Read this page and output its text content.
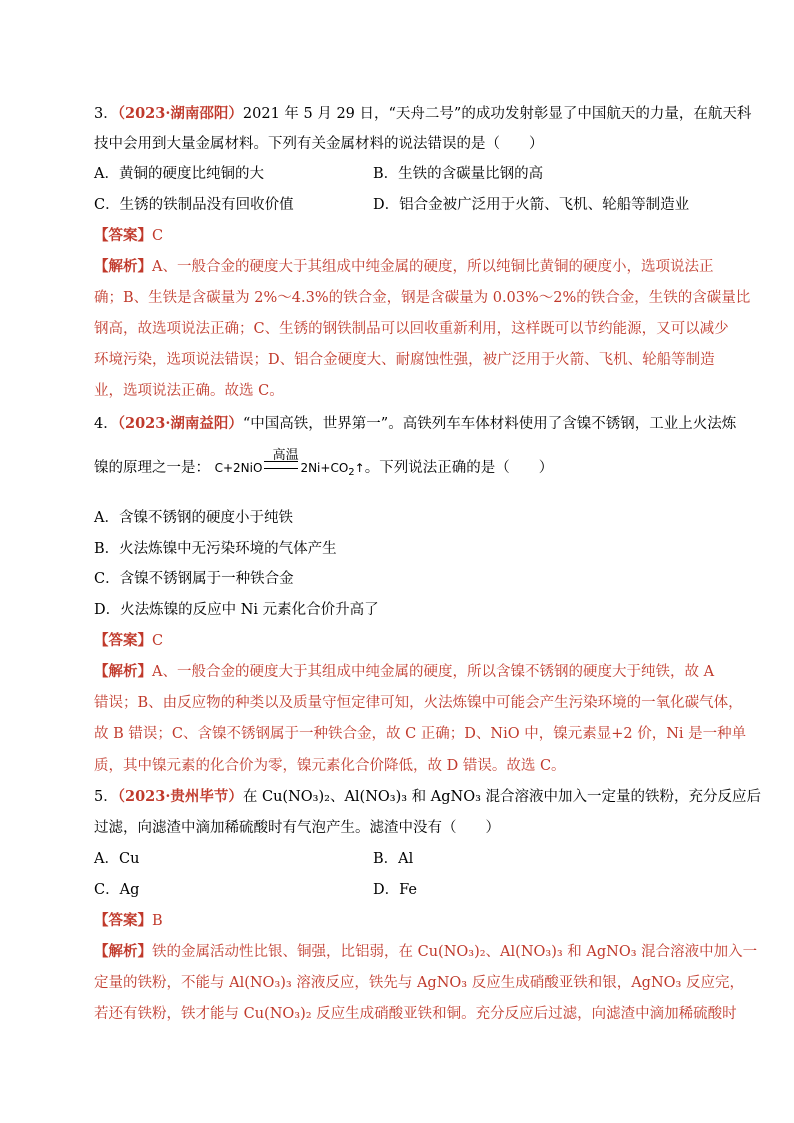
3．（2023·湖南邵阳）2021 年 5 月 29 日，“天舟二号”的成功发射彰显了中国航天的力量，在航天科
技中会用到大量金属材料。下列有关金属材料的说法错误的是（　　）
A．黄铜的硬度比纯铜的大	B．生铁的含碳量比钢的高
C．生锈的铁制品没有回收价值	D．铝合金被广泛用于火箭、飞机、轮船等制造业
【答案】C
【解析】A、一般合金的硬度大于其组成中纯金属的硬度，所以纯铜比黄铜的硬度小，选项说法正
确；B、生铁是含碳量为 2%～4.3%的铁合金，钢是含碳量为 0.03%～2%的铁合金，生铁的含碳量比
钢高，故选项说法正确；C、生锈的钢铁制品可以回收重新利用，这样既可以节约能源，又可以减少
环境污染，选项说法错误；D、铝合金硬度大、耐腐蚀性强，被广泛用于火箭、飞机、轮船等制造
业，选项说法正确。故选 C。
4．（2023·湖南益阳）“中国高铁，世界第一”。高铁列车车体材料使用了含镍不锈钢，工业上火法炼
镍的原理之一是： C+2NiO
高温
$2Ni+CO_2↑$。下列说法正确的是（　　）
A．含镍不锈钢的硬度小于纯铁
B．火法炼镍中无污染环境的气体产生
C．含镍不锈钢属于一种铁合金
D．火法炼镍的反应中 Ni 元素化合价升高了
【答案】C
【解析】A、一般合金的硬度大于其组成中纯金属的硬度，所以含镍不锈钢的硬度大于纯铁，故 A
错误；B、由反应物的种类以及质量守恒定律可知，火法炼镍中可能会产生污染环境的一氧化碳气体，
故 B 错误；C、含镍不锈钢属于一种铁合金，故 C 正确；D、NiO 中，镍元素显+2 价，Ni 是一种单
质，其中镍元素的化合价为零，镍元素化合价降低，故 D 错误。故选 C。
5．（2023·贵州毕节）在 Cu(NO₃)₂、Al(NO₃)₃ 和 AgNO₃ 混合溶液中加入一定量的铁粉，充分反应后
过滤，向滤渣中滴加稀硫酸时有气泡产生。滤渣中没有（　　）
A．Cu	B．Al
C．Ag	D．Fe
【答案】B
【解析】铁的金属活动性比银、铜强，比铝弱，在 Cu(NO₃)₂、Al(NO₃)₃ 和 AgNO₃ 混合溶液中加入一
定量的铁粉，不能与 Al(NO₃)₃ 溶液反应，铁先与 AgNO₃ 反应生成硝酸亚铁和银，AgNO₃ 反应完，
若还有铁粉，铁才能与 Cu(NO₃)₂ 反应生成硝酸亚铁和铜。充分反应后过滤，向滤渣中滴加稀硫酸时
